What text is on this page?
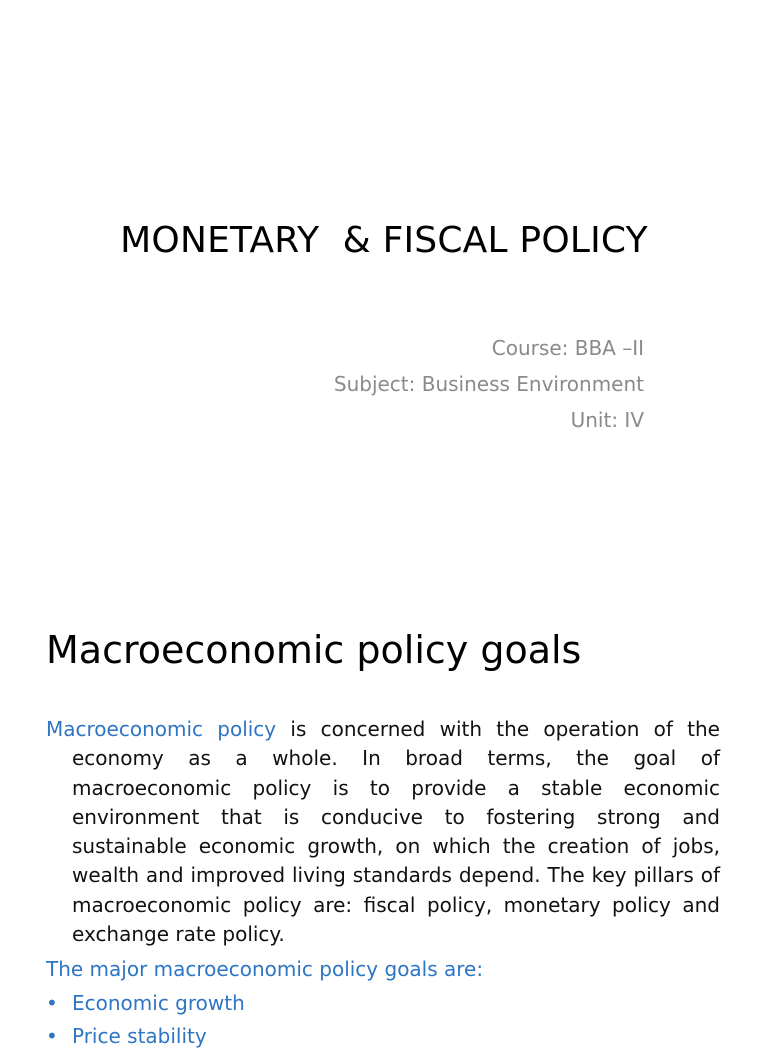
MONETARY  & FISCAL POLICY
Course: BBA –II
Subject: Business Environment
Unit: IV
Macroeconomic policy goals

Macroeconomic policy is concerned with the operation of the economy as a whole. In broad terms, the goal of macroeconomic policy is to provide a stable economic environment that is conducive to fostering strong and sustainable economic growth, on which the creation of jobs, wealth and improved living standards depend. The key pillars of macroeconomic policy are: fiscal policy, monetary policy and exchange rate policy.

The major macroeconomic policy goals are:

• Economic growth
• Price stability
